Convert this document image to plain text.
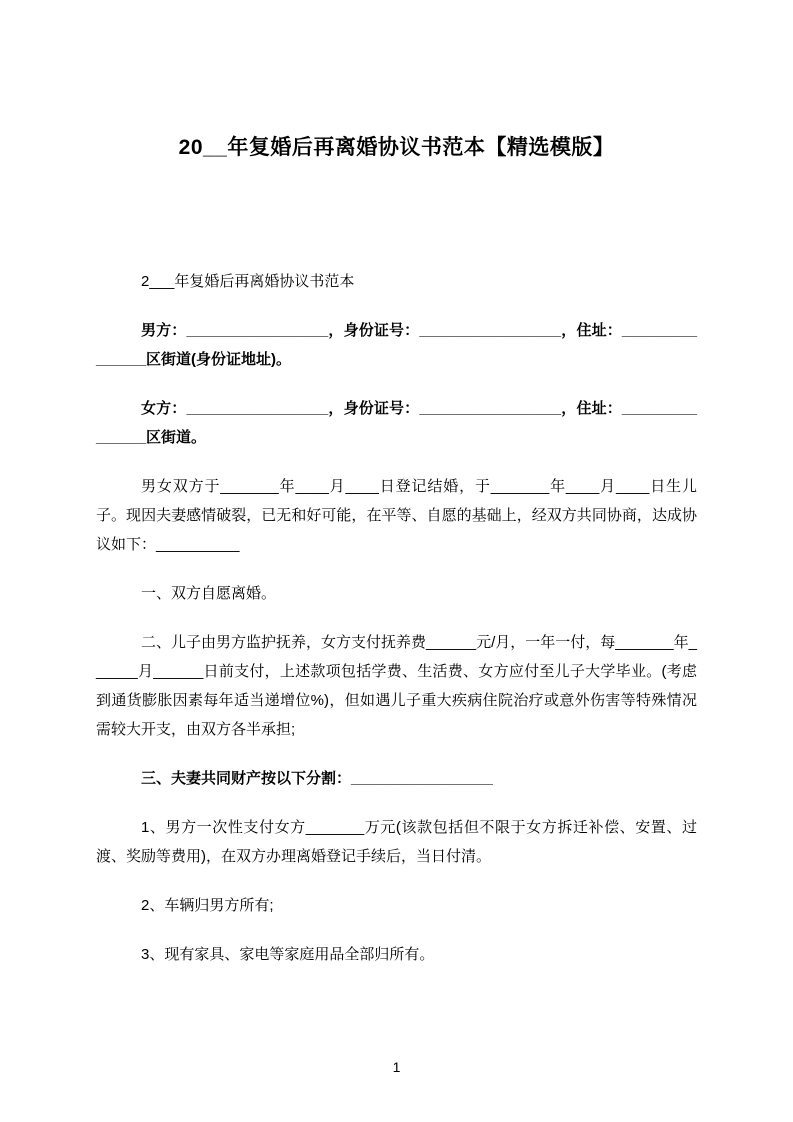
20__年复婚后再离婚协议书范本【精选模版】

2___年复婚后再离婚协议书范本

男方：_________________，身份证号：_________________，住址：_______________区街道(身份证地址)。

女方：_________________，身份证号：_________________，住址：_______________区街道。

男女双方于_______年____月____日登记结婚，于_______年____月____日生儿子。现因夫妻感情破裂，已无和好可能，在平等、自愿的基础上，经双方共同协商，达成协议如下：__________

一、双方自愿离婚。

二、儿子由男方监护抚养，女方支付抚养费______元/月，一年一付，每_______年______月______日前支付，上述款项包括学费、生活费、女方应付至儿子大学毕业。(考虑到通货膨胀因素每年适当递增位%)，但如遇儿子重大疾病住院治疗或意外伤害等特殊情况需较大开支，由双方各半承担;

三、夫妻共同财产按以下分割：_________________

1、男方一次性支付女方_______万元(该款包括但不限于女方拆迁补偿、安置、过渡、奖励等费用)，在双方办理离婚登记手续后，当日付清。

2、车辆归男方所有;

3、现有家具、家电等家庭用品全部归所有。

1
